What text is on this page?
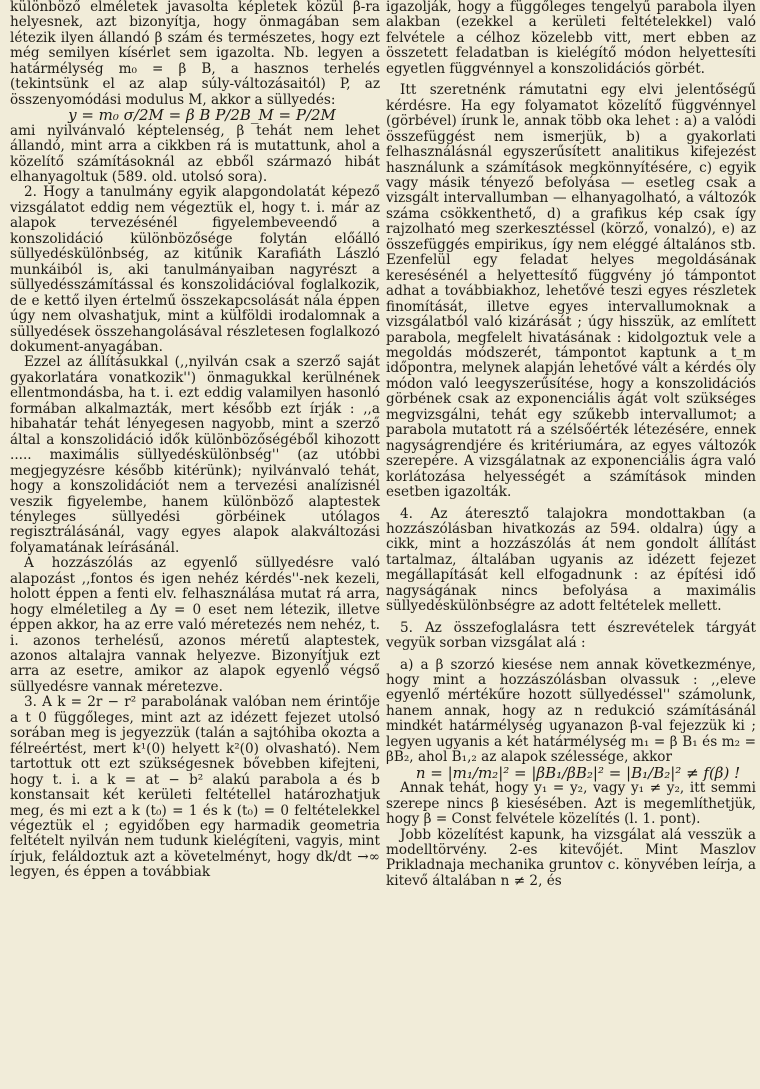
különböző elméletek javasolta képletek közül β-ra helyesnek, azt bizonyítja, hogy önmagában sem létezik ilyen állandó β szám és természetes, hogy ezt még semilyen kísérlet sem igazolta. Nb. legyen a határmélység m₀ = β B, a hasznos terhelés (tekintsünk el az alap súly-változásaitól) P, az összenyomódási modulus M, akkor a süllyedés:

y = m₀ σ/2M = β B P/2B_M = P/2M

ami nyilvánvaló képtelenség, β tehát nem lehet állandó, mint arra a cikkben rá is mutattunk, ahol a közelítő számításoknál az ebből származó hibát elhanyagoltuk (589. old. utolsó sora).

2. Hogy a tanulmány egyik alapgondolatát képező vizsgálatot eddig nem végeztük el, hogy t. i. már az alapok tervezésénél figyelembeveendő a konszolidáció különbözősége folytán előálló süllyedéskülönbség, az kitűnik Karafiáth László munkáiból is, aki tanulmányaiban nagyrészt a süllyedésszámítással és konszolidációval foglalkozik, de e kettő ilyen értelmű összekapcsolását nála éppen úgy nem olvashatjuk, mint a külföldi irodalomnak a süllyedések összehangolásával részletesen foglalkozó dokument-anyagában.

Ezzel az állításukkal (,,nyilván csak a szerző saját gyakorlatára vonatkozik'') önmagukkal kerülnének ellentmondásba, ha t. i. ezt eddig valamilyen hasonló formában alkalmazták, mert később ezt írják : ,,a hibahatár tehát lényegesen nagyobb, mint a szerző által a konszolidáció idők különbözőségéből kihozott ..... maximális süllyedéskülönbség'' (az utóbbi megjegyzésre később kitérünk); nyilvánvaló tehát, hogy a konszolidációt nem a tervezési analízisnél veszik figyelembe, hanem különböző alaptestek tényleges süllyedési görbéinek utólagos regisztrálásánál, vagy egyes alapok alakváltozási folyamatának leírásánál.

A hozzászólás az egyenlő süllyedésre való alapozást ,,fontos és igen nehéz kérdés''-nek kezeli, holott éppen a fenti elv. felhasználása mutat rá arra, hogy elméletileg a Δy = 0 eset nem létezik, illetve éppen akkor, ha az erre való méretezés nem nehéz, t. i. azonos terhelésű, azonos méretű alaptestek, azonos altalajra vannak helyezve. Bizonyítjuk ezt arra az esetre, amikor az alapok egyenlő végső süllyedésre vannak méretezve.

3. A k = 2r − r² parabolának valóban nem érintője a t 0 függőleges, mint azt az idézett fejezet utolsó sorában meg is jegyezzük (talán a sajtóhiba okozta a félreértést, mert k¹(0) helyett k²(0) olvasható). Nem tartottuk ott ezt szükségesnek bővebben kifejteni, hogy t. i. a k = at − b² alakú parabola a és b konstansait két kerületi feltétellel határozhatjuk meg, és mi ezt a k (t₀) = 1 és k (t₀) = 0 feltételekkel végeztük el ; egyidőben egy harmadik geometria feltételt nyilván nem tudunk kielégíteni, vagyis, mint írjuk, feláldoztuk azt a követelményt, hogy dk/dt →∞ legyen, és éppen a továbbiak

igazolják, hogy a függőleges tengelyű parabola ilyen alakban (ezekkel a kerületi feltételekkel) való felvétele a célhoz közelebb vitt, mert ebben az összetett feladatban is kielégítő módon helyettesíti egyetlen függvénnyel a konszolidációs görbét.

Itt szeretnénk rámutatni egy elvi jelentőségű kérdésre. Ha egy folyamatot közelítő függvénnyel (görbével) írunk le, annak több oka lehet : a) a valódi összefüggést nem ismerjük, b) a gyakorlati felhasználásnál egyszerűsített analitikus kifejezést használunk a számítások megkönnyítésére, c) egyik vagy másik tényező befolyása — esetleg csak a vizsgált intervallumban — elhanyagolható, a változók száma csökkenthető, d) a grafikus kép csak így rajzolható meg szerkesztéssel (körző, vonalzó), e) az összefüggés empirikus, így nem eléggé általános stb. Ezenfelül egy feladat helyes megoldásának keresésénél a helyettesítő függvény jó támpontot adhat a továbbiakhoz, lehetővé teszi egyes részletek finomítását, illetve egyes intervallumoknak a vizsgálatból való kizárását ; úgy hisszük, az említett parabola, megfelelt hivatásának : kidolgoztuk vele a megoldás módszerét, támpontot kaptunk a t_m időpontra, melynek alapján lehetővé vált a kérdés oly módon való leegyszerűsítése, hogy a konszolidációs görbének csak az exponenciális ágát volt szükséges megvizsgálni, tehát egy szűkebb intervallumot; a parabola mutatott rá a szélsőérték létezésére, ennek nagyságrendjére és kritériumára, az egyes változók szerepére. A vizsgálatnak az exponenciális ágra való korlátozása helyességét a számítások minden esetben igazolták.

4. Az áteresztő talajokra mondottakban (a hozzászólásban hivatkozás az 594. oldalra) úgy a cikk, mint a hozzászólás át nem gondolt állítást tartalmaz, általában ugyanis az idézett fejezet megállapítását kell elfogadnunk : az építési idő nagyságának nincs befolyása a maximális süllyedéskülönbségre az adott feltételek mellett.

5. Az összefoglalásra tett észrevételek tárgyát vegyük sorban vizsgálat alá :

a) a β szorzó kiesése nem annak következménye, hogy mint a hozzászólásban olvassuk : ,,eleve egyenlő mértékűre hozott süllyedéssel'' számolunk, hanem annak, hogy az n redukció számításánál mindkét határmélység ugyanazon β-val fejezzük ki ; legyen ugyanis a két határmélység m₁ = β B₁ és m₂ = βB₂, ahol B₁,₂ az alapok szélessége, akkor

n = |m₁/m₂|² = |βB₁/βB₂|² = |B₁/B₂|² ≠ f(β) !

Annak tehát, hogy y₁ = y₂, vagy y₁ ≠ y₂, itt semmi szerepe nincs β kiesésében. Azt is megemlíthetjük, hogy β = Const felvétele közelítés (l. 1. pont).

Jobb közelítést kapunk, ha vizsgálat alá vesszük a modelltörvény. 2-es kitevőjét. Mint Maszlov Prikladnaja mechanika gruntov c. könyvében leírja, a kitevő általában n ≠ 2, és
